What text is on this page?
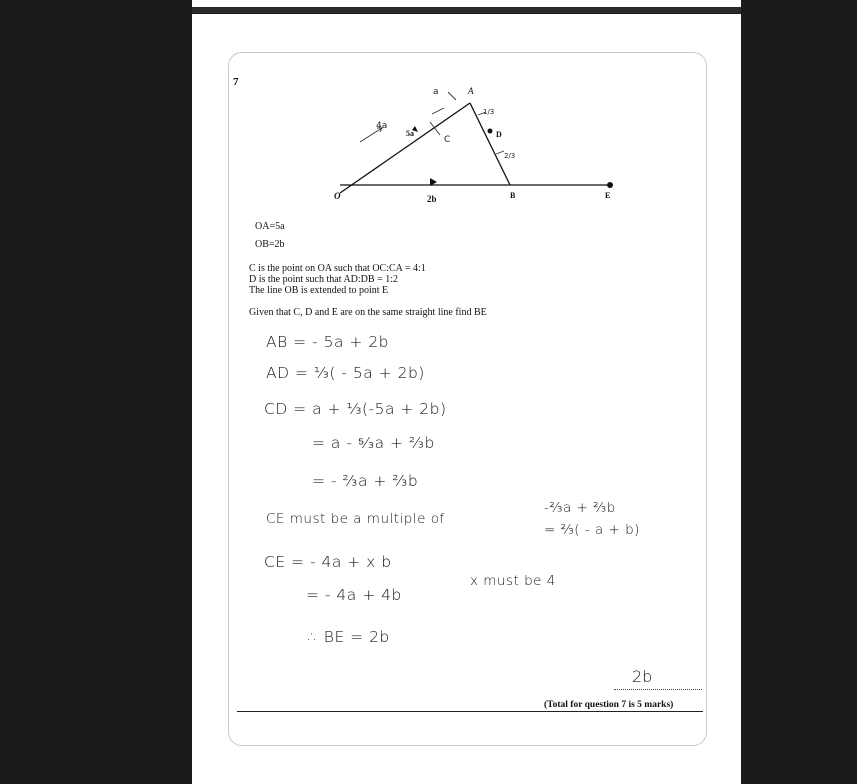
7
a	A
4a
5a
C
1/3
D
2/3
O	2b	B	E
OA=5a
OB=2b
C is the point on OA such that OC:CA = 4:1
D is the point such that AD:DB = 1:2
The line OB is extended to point E
Given that C, D and E are on the same straight line find BE
AB = - 5a + 2b
AD = ⅓( - 5a + 2b)
CD = a + ⅓(-5a + 2b)
= a - ⁵⁄₃a + ⅔b
= - ⅔a + ⅔b
CE must be a multiple of
-⅔a + ⅔b
= ⅔( - a + b)
CE = - 4a + x b
= - 4a + 4b
x must be 4
∴ BE = 2b
2b
(Total for question 7 is 5 marks)
